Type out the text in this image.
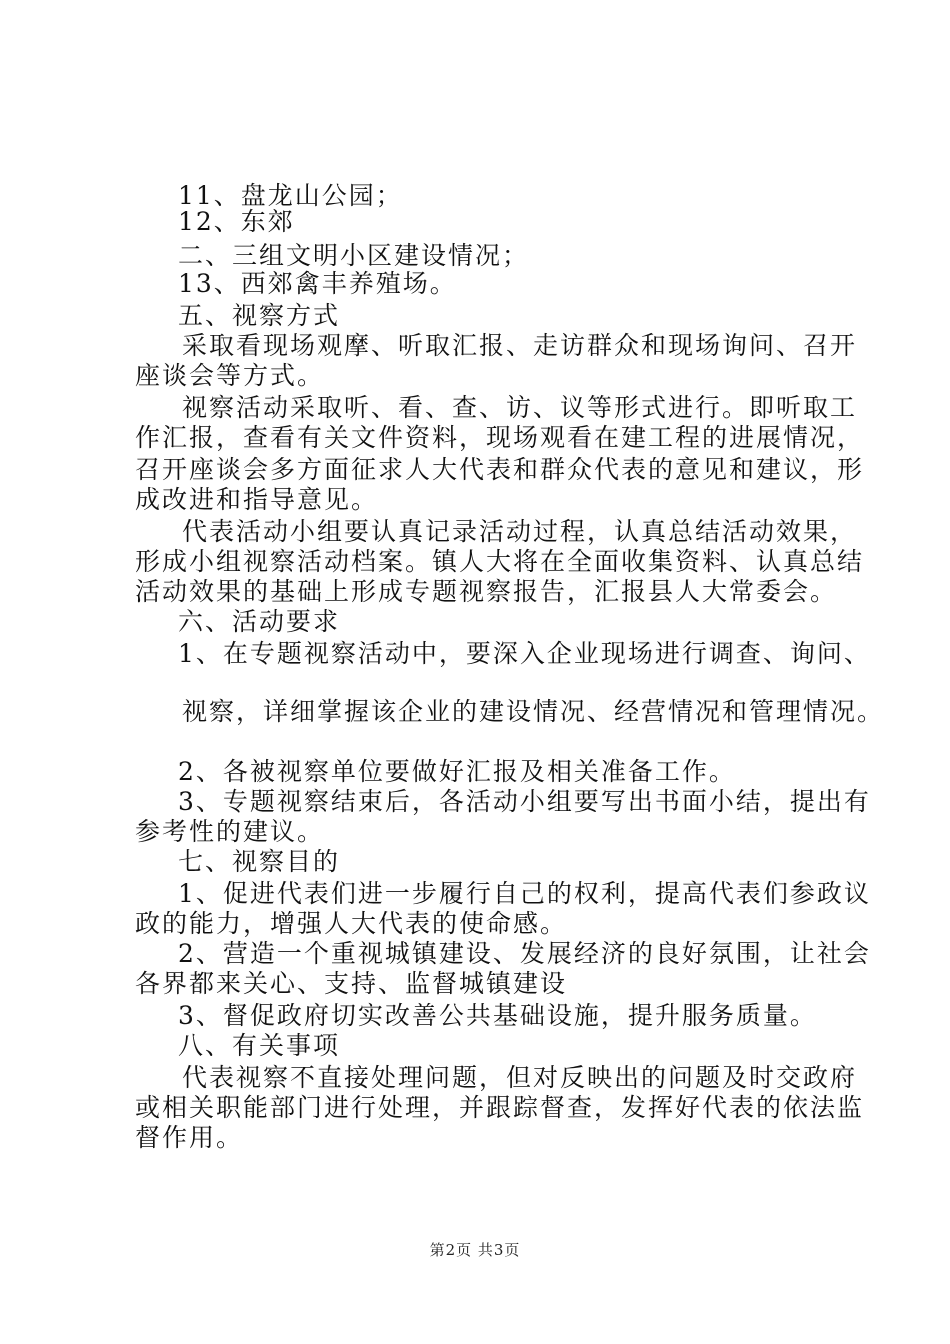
11、盘龙山公园；
12、东郊
二、三组文明小区建设情况；
13、西郊禽丰养殖场。
五、视察方式
采取看现场观摩、听取汇报、走访群众和现场询问、召开
座谈会等方式。
视察活动采取听、看、查、访、议等形式进行。即听取工
作汇报，查看有关文件资料，现场观看在建工程的进展情况，
召开座谈会多方面征求人大代表和群众代表的意见和建议，形
成改进和指导意见。
代表活动小组要认真记录活动过程，认真总结活动效果，
形成小组视察活动档案。镇人大将在全面收集资料、认真总结
活动效果的基础上形成专题视察报告，汇报县人大常委会。
六、活动要求
1、在专题视察活动中，要深入企业现场进行调查、询问、
视察，详细掌握该企业的建设情况、经营情况和管理情况。
2、各被视察单位要做好汇报及相关准备工作。
3、专题视察结束后，各活动小组要写出书面小结，提出有
参考性的建议。
七、视察目的
1、促进代表们进一步履行自己的权利，提高代表们参政议
政的能力，增强人大代表的使命感。
2、营造一个重视城镇建设、发展经济的良好氛围，让社会
各界都来关心、支持、监督城镇建设
3、督促政府切实改善公共基础设施，提升服务质量。
八、有关事项
代表视察不直接处理问题，但对反映出的问题及时交政府
或相关职能部门进行处理，并跟踪督查，发挥好代表的依法监
督作用。
第2页 共3页
